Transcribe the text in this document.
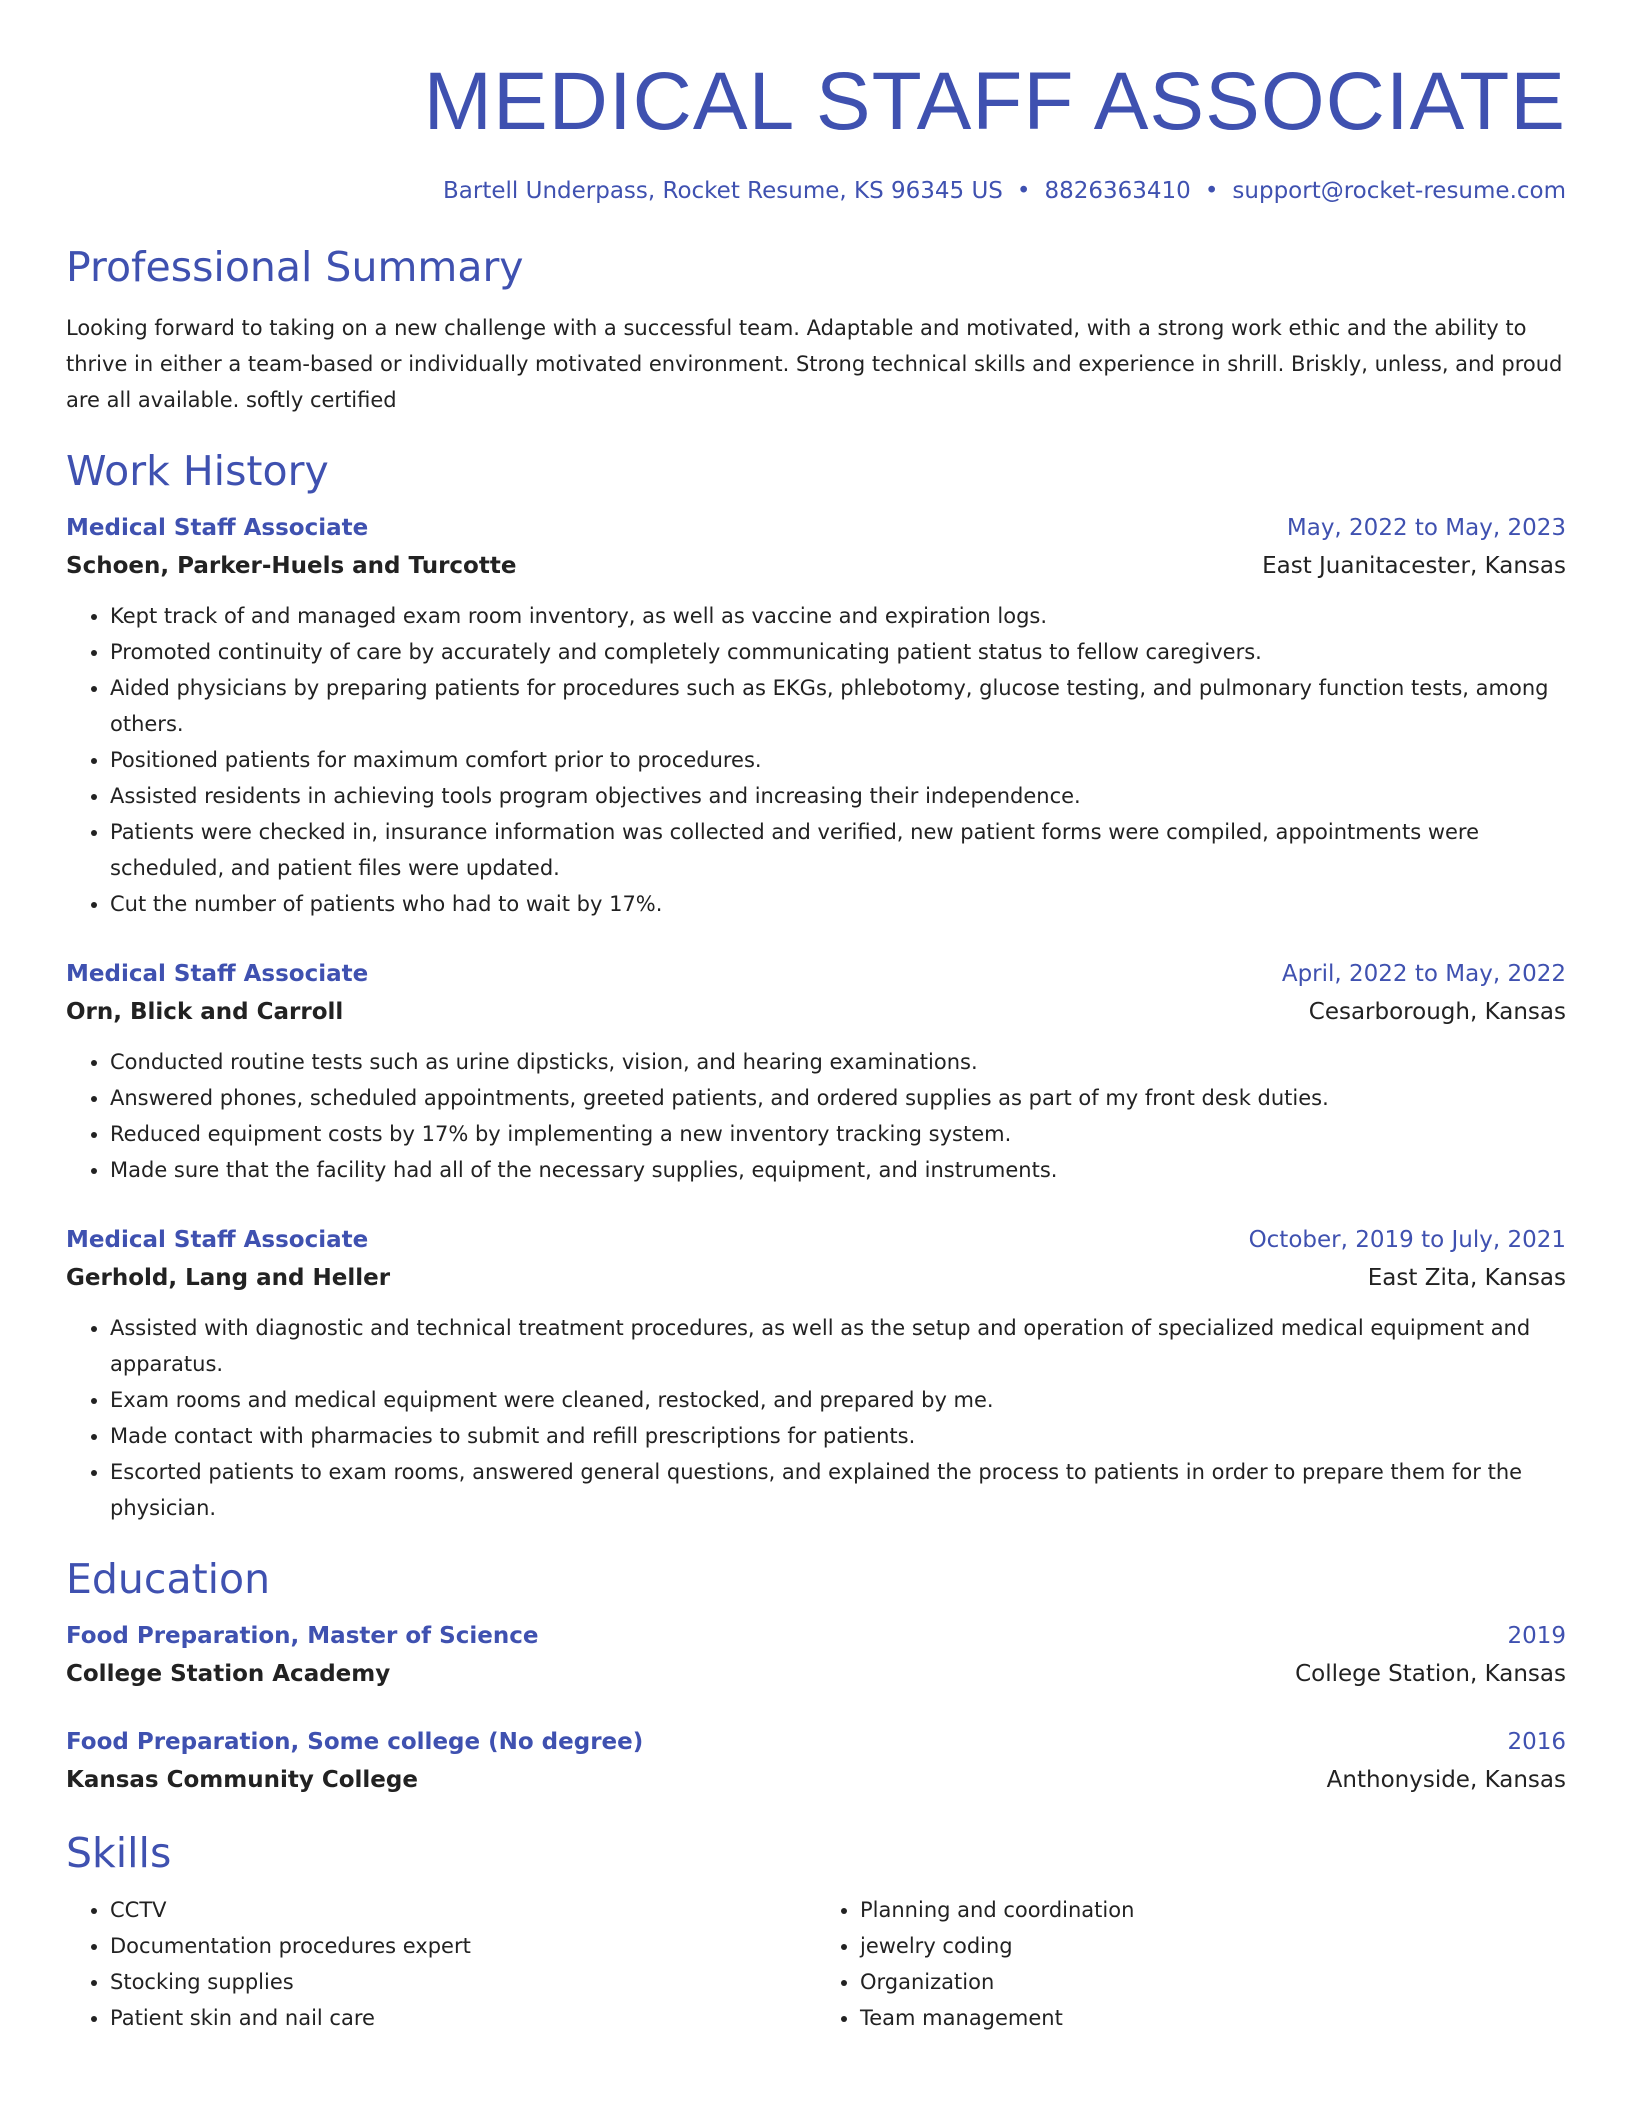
MEDICAL STAFF ASSOCIATE
Bartell Underpass, Rocket Resume, KS 96345 US • 8826363410 • support@rocket-resume.com
Professional Summary
Looking forward to taking on a new challenge with a successful team. Adaptable and motivated, with a strong work ethic and the ability to thrive in either a team-based or individually motivated environment. Strong technical skills and experience in shrill. Briskly, unless, and proud are all available. softly certified
Work History
Medical Staff Associate	May, 2022 to May, 2023
Schoen, Parker-Huels and Turcotte	East Juanitacester, Kansas
• Kept track of and managed exam room inventory, as well as vaccine and expiration logs.
• Promoted continuity of care by accurately and completely communicating patient status to fellow caregivers.
• Aided physicians by preparing patients for procedures such as EKGs, phlebotomy, glucose testing, and pulmonary function tests, among others.
• Positioned patients for maximum comfort prior to procedures.
• Assisted residents in achieving tools program objectives and increasing their independence.
• Patients were checked in, insurance information was collected and verified, new patient forms were compiled, appointments were scheduled, and patient files were updated.
• Cut the number of patients who had to wait by 17%.
Medical Staff Associate	April, 2022 to May, 2022
Orn, Blick and Carroll	Cesarborough, Kansas
• Conducted routine tests such as urine dipsticks, vision, and hearing examinations.
• Answered phones, scheduled appointments, greeted patients, and ordered supplies as part of my front desk duties.
• Reduced equipment costs by 17% by implementing a new inventory tracking system.
• Made sure that the facility had all of the necessary supplies, equipment, and instruments.
Medical Staff Associate	October, 2019 to July, 2021
Gerhold, Lang and Heller	East Zita, Kansas
• Assisted with diagnostic and technical treatment procedures, as well as the setup and operation of specialized medical equipment and apparatus.
• Exam rooms and medical equipment were cleaned, restocked, and prepared by me.
• Made contact with pharmacies to submit and refill prescriptions for patients.
• Escorted patients to exam rooms, answered general questions, and explained the process to patients in order to prepare them for the physician.
Education
Food Preparation, Master of Science	2019
College Station Academy	College Station, Kansas
Food Preparation, Some college (No degree)	2016
Kansas Community College	Anthonyside, Kansas
Skills
• CCTV
• Documentation procedures expert
• Stocking supplies
• Patient skin and nail care
• Planning and coordination
• jewelry coding
• Organization
• Team management
